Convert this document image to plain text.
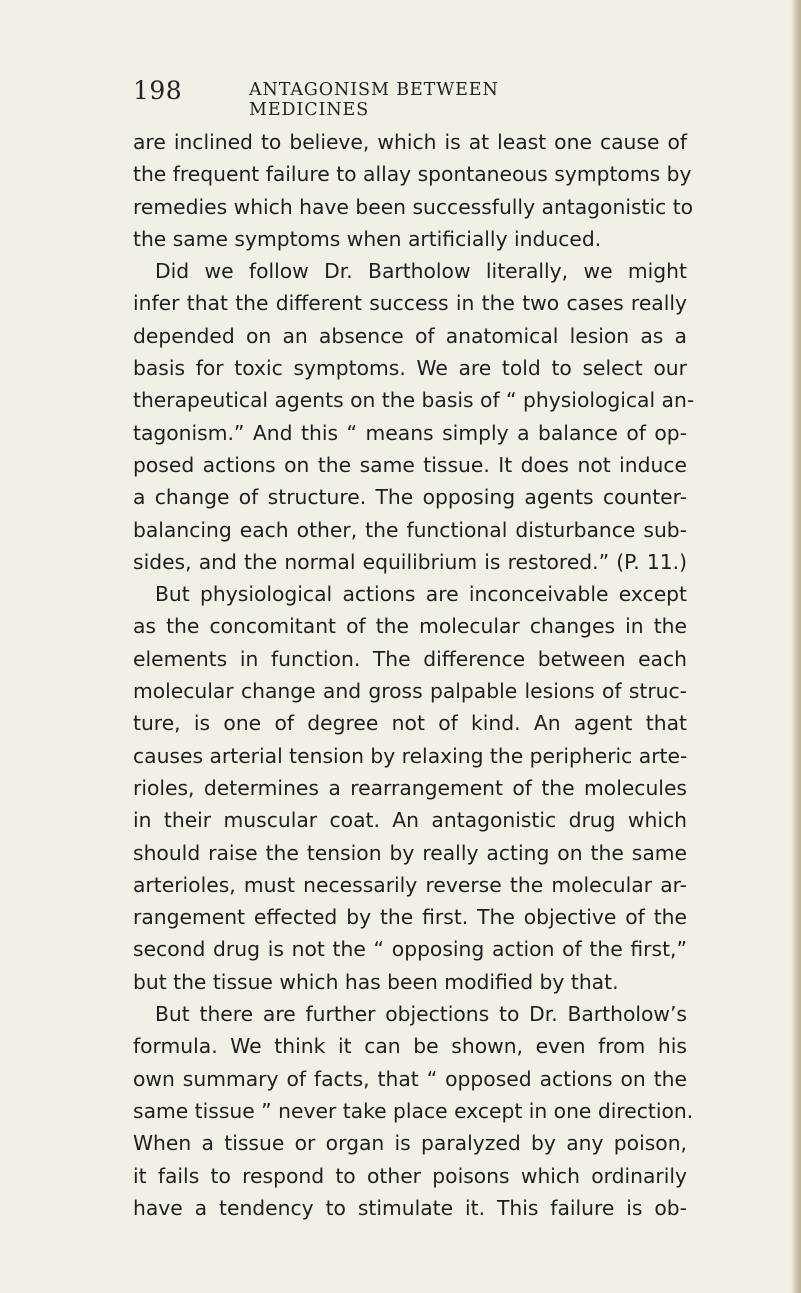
198	ANTAGONISM BETWEEN MEDICINES
are inclined to believe, which is at least one cause of
the frequent failure to allay spontaneous symptoms by
remedies which have been successfully antagonistic to
the same symptoms when artificially induced.
Did we follow Dr. Bartholow literally, we might
infer that the different success in the two cases really
depended on an absence of anatomical lesion as a
basis for toxic symptoms. We are told to select our
therapeutical agents on the basis of “ physiological an-
tagonism.” And this “ means simply a balance of op-
posed actions on the same tissue. It does not induce
a change of structure. The opposing agents counter-
balancing each other, the functional disturbance sub-
sides, and the normal equilibrium is restored.” (P. 11.)
But physiological actions are inconceivable except
as the concomitant of the molecular changes in the
elements in function. The difference between each
molecular change and gross palpable lesions of struc-
ture, is one of degree not of kind. An agent that
causes arterial tension by relaxing the peripheric arte-
rioles, determines a rearrangement of the molecules
in their muscular coat. An antagonistic drug which
should raise the tension by really acting on the same
arterioles, must necessarily reverse the molecular ar-
rangement effected by the first. The objective of the
second drug is not the “ opposing action of the first,”
but the tissue which has been modified by that.
But there are further objections to Dr. Bartholow’s
formula. We think it can be shown, even from his
own summary of facts, that “ opposed actions on the
same tissue ” never take place except in one direction.
When a tissue or organ is paralyzed by any poison,
it fails to respond to other poisons which ordinarily
have a tendency to stimulate it. This failure is ob-
